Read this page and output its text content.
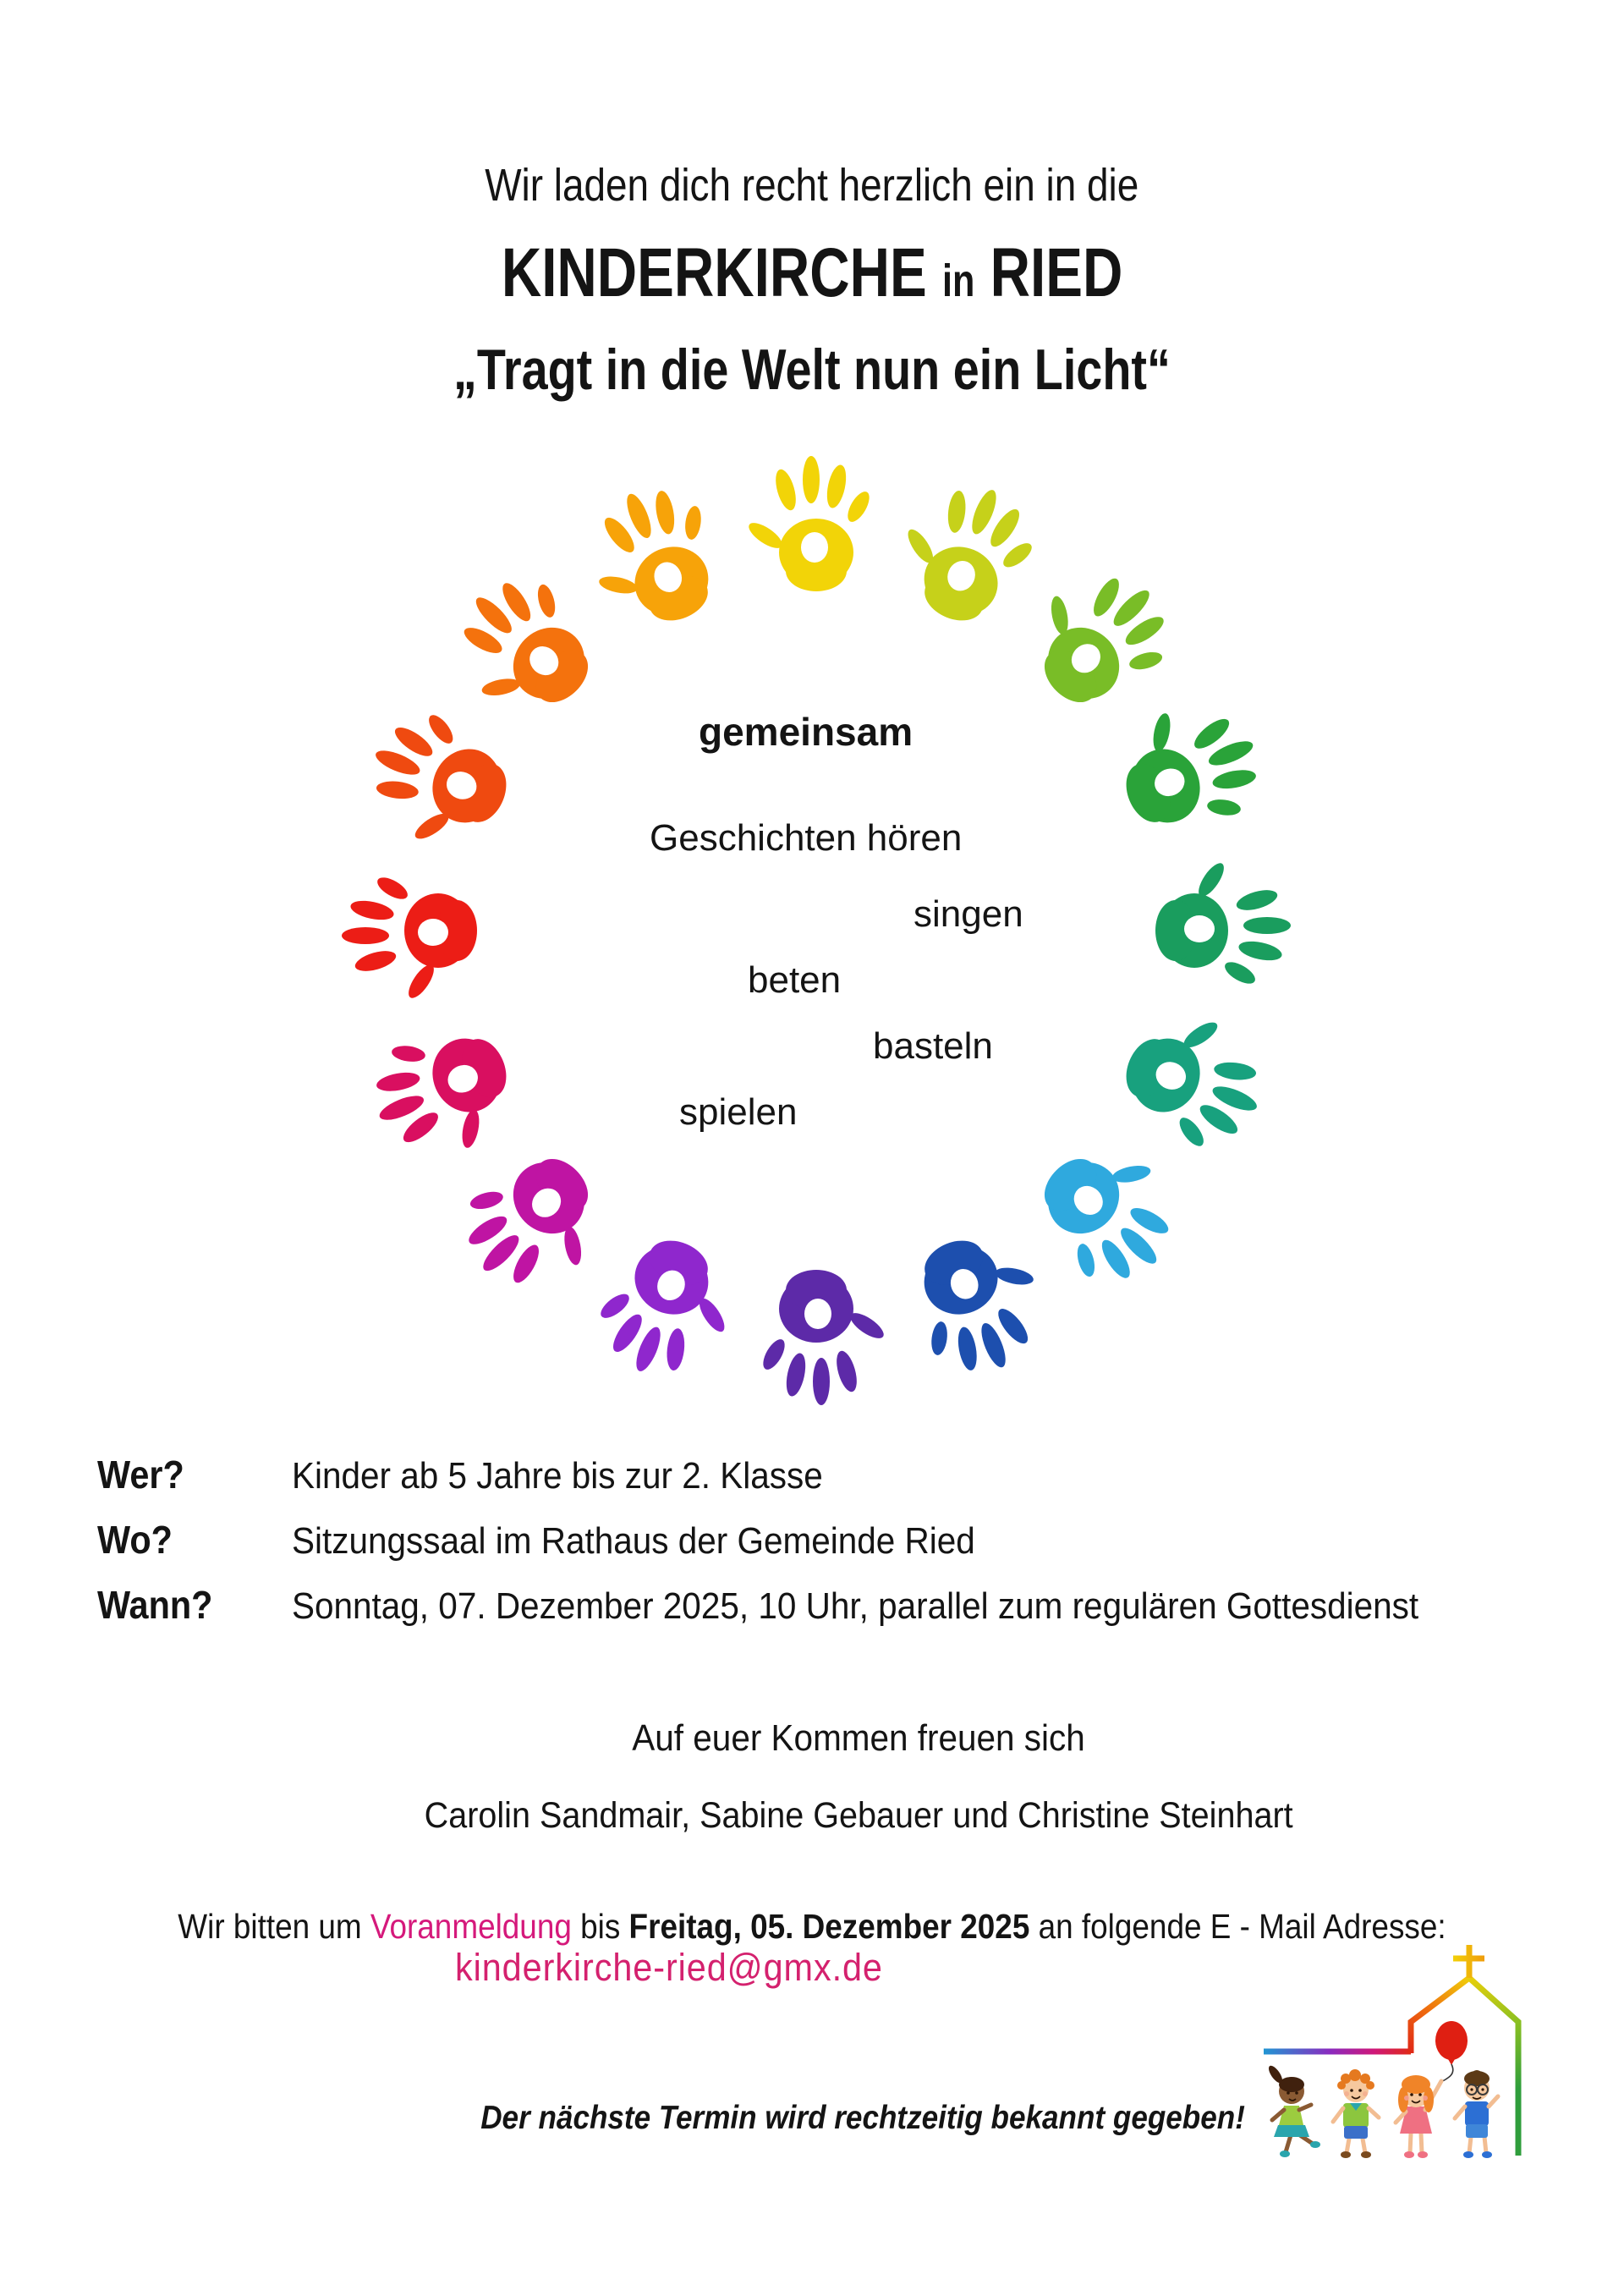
Wir laden dich recht herzlich ein in die
KINDERKIRCHE in RIED
„Tragt in die Welt nun ein Licht“
gemeinsam
Geschichten hören
singen
beten
basteln
spielen
Wer?	Kinder ab 5 Jahre bis zur 2. Klasse
Wo?	Sitzungssaal im Rathaus der Gemeinde Ried
Wann?	Sonntag, 07. Dezember 2025, 10 Uhr, parallel zum regulären Gottesdienst
Auf euer Kommen freuen sich
Carolin Sandmair, Sabine Gebauer und Christine Steinhart
Wir bitten um Voranmeldung bis Freitag, 05. Dezember 2025 an folgende E - Mail Adresse:
kinderkirche-ried@gmx.de
Der nächste Termin wird rechtzeitig bekannt gegeben!
